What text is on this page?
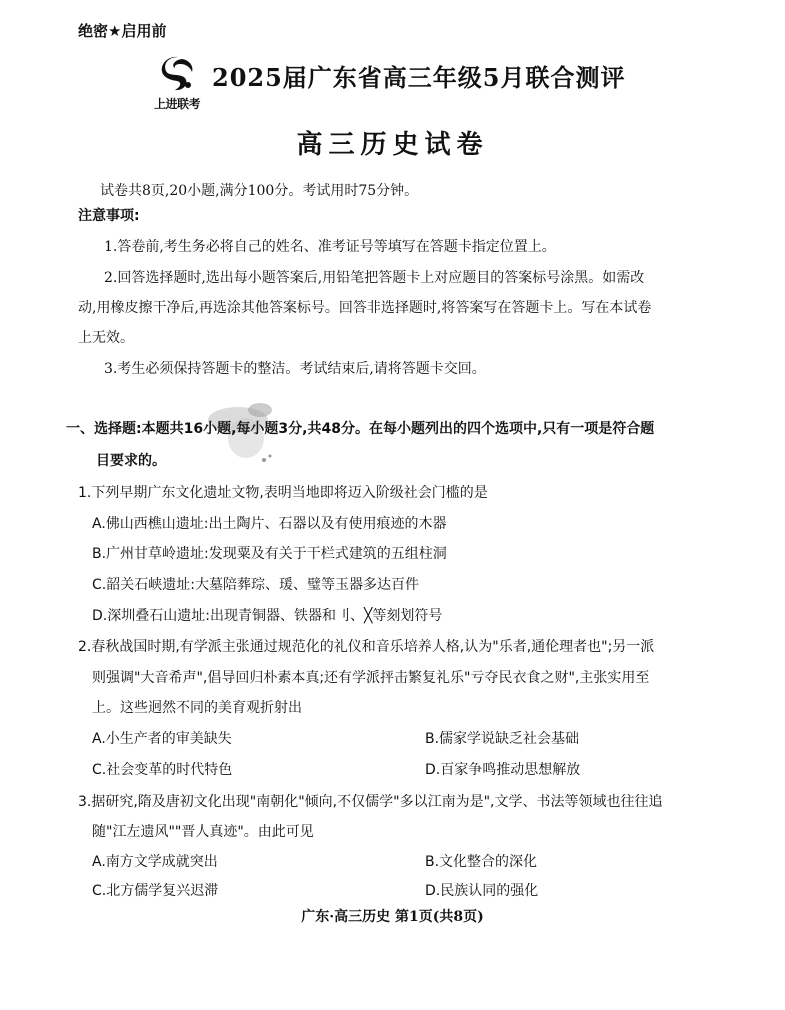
绝密★启用前
上进联考
2025届广东省高三年级5月联合测评
高三历史试卷
试卷共8页,20小题,满分100分。考试用时75分钟。
注意事项:
1.答卷前,考生务必将自己的姓名、准考证号等填写在答题卡指定位置上。
2.回答选择题时,选出每小题答案后,用铅笔把答题卡上对应题目的答案标号涂黑。如需改
动,用橡皮擦干净后,再选涂其他答案标号。回答非选择题时,将答案写在答题卡上。写在本试卷
上无效。
3.考生必须保持答题卡的整洁。考试结束后,请将答题卡交回。
一、选择题:本题共16小题,每小题3分,共48分。在每小题列出的四个选项中,只有一项是符合题
目要求的。
1.下列早期广东文化遗址文物,表明当地即将迈入阶级社会门槛的是
A.佛山西樵山遗址:出土陶片、石器以及有使用痕迹的木器
B.广州甘草岭遗址:发现粟及有关于干栏式建筑的五组柱洞
C.韶关石峡遗址:大墓陪葬琮、瑗、璧等玉器多达百件
D.深圳叠石山遗址:出现青铜器、铁器和刂、╳等刻划符号
2.春秋战国时期,有学派主张通过规范化的礼仪和音乐培养人格,认为"乐者,通伦理者也";另一派
则强调"大音希声",倡导回归朴素本真;还有学派抨击繁复礼乐"亏夺民衣食之财",主张实用至
上。这些迥然不同的美育观折射出
A.小生产者的审美缺失	B.儒家学说缺乏社会基础
C.社会变革的时代特色	D.百家争鸣推动思想解放
3.据研究,隋及唐初文化出现"南朝化"倾向,不仅儒学"多以江南为是",文学、书法等领域也往往追
随"江左遗风""晋人真迹"。由此可见
A.南方文学成就突出	B.文化整合的深化
C.北方儒学复兴迟滞	D.民族认同的强化
广东·高三历史 第1页(共8页)
